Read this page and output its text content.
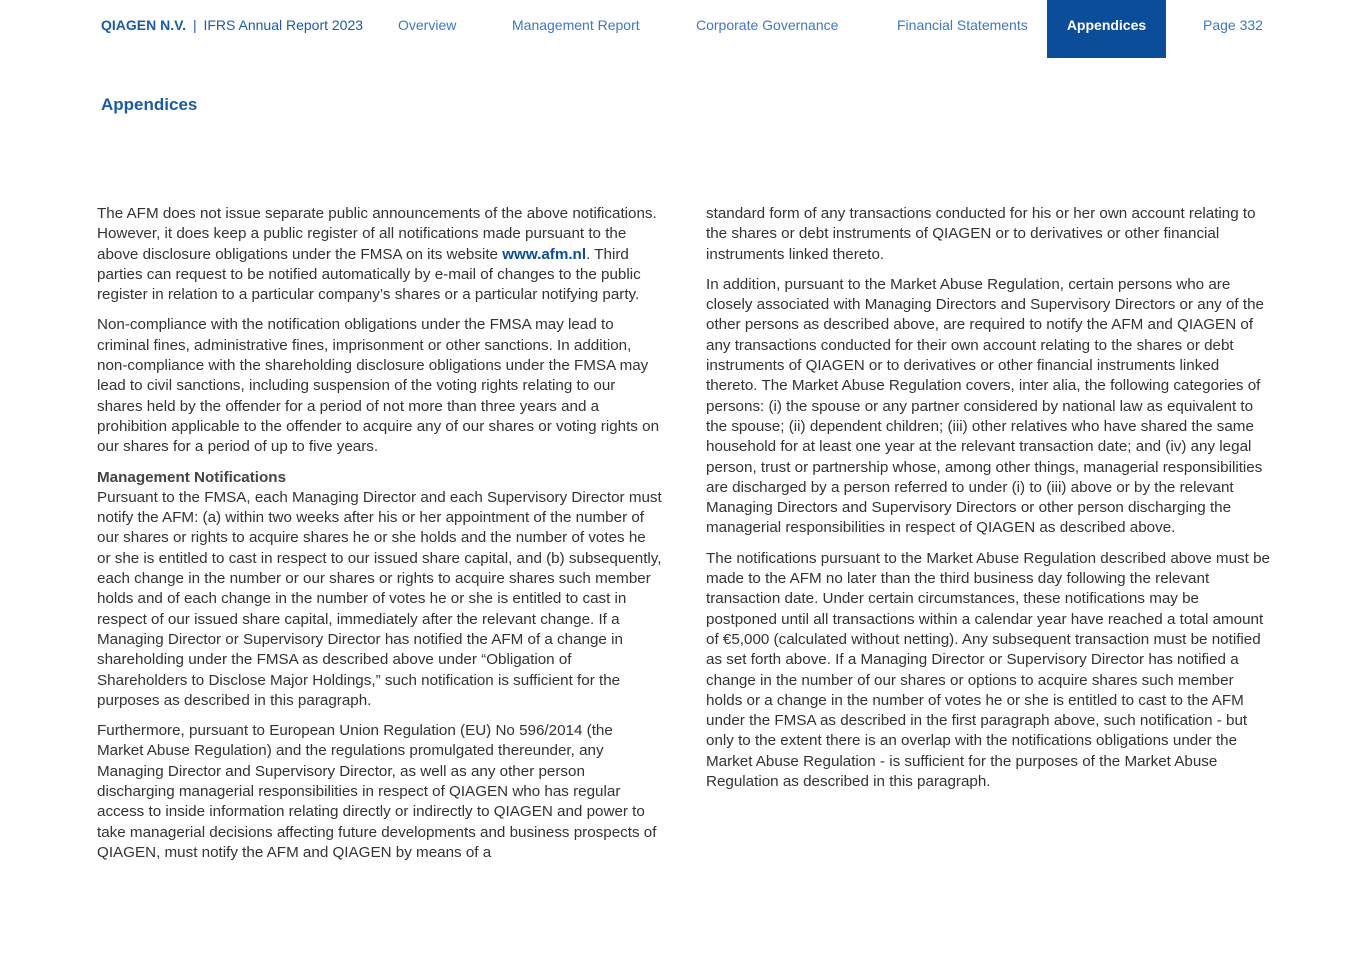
QIAGEN N.V. | IFRS Annual Report 2023 Overview	Management Report	Corporate Governance	Financial Statements	Appendices	Page 332
Appendices

The AFM does not issue separate public announcements of the above notifications. However, it does keep a public register of all notifications made pursuant to the above disclosure obligations under the FMSA on its website www.afm.nl. Third parties can request to be notified automatically by e-mail of changes to the public register in relation to a particular company’s shares or a particular notifying party.

Non-compliance with the notification obligations under the FMSA may lead to criminal fines, administrative fines, imprisonment or other sanctions. In addition, non-compliance with the shareholding disclosure obligations under the FMSA may lead to civil sanctions, including suspension of the voting rights relating to our shares held by the offender for a period of not more than three years and a prohibition applicable to the offender to acquire any of our shares or voting rights on our shares for a period of up to five years.

Management Notifications

Pursuant to the FMSA, each Managing Director and each Supervisory Director must notify the AFM: (a) within two weeks after his or her appointment of the number of our shares or rights to acquire shares he or she holds and the number of votes he or she is entitled to cast in respect to our issued share capital, and (b) subsequently, each change in the number or our shares or rights to acquire shares such member holds and of each change in the number of votes he or she is entitled to cast in respect of our issued share capital, immediately after the relevant change. If a Managing Director or Supervisory Director has notified the AFM of a change in shareholding under the FMSA as described above under “Obligation of Shareholders to Disclose Major Holdings,” such notification is sufficient for the purposes as described in this paragraph.

Furthermore, pursuant to European Union Regulation (EU) No 596/2014 (the Market Abuse Regulation) and the regulations promulgated thereunder, any Managing Director and Supervisory Director, as well as any other person discharging managerial responsibilities in respect of QIAGEN who has regular access to inside information relating directly or indirectly to QIAGEN and power to take managerial decisions affecting future developments and business prospects of QIAGEN, must notify the AFM and QIAGEN by means of a

standard form of any transactions conducted for his or her own account relating to the shares or debt instruments of QIAGEN or to derivatives or other financial instruments linked thereto.

In addition, pursuant to the Market Abuse Regulation, certain persons who are closely associated with Managing Directors and Supervisory Directors or any of the other persons as described above, are required to notify the AFM and QIAGEN of any transactions conducted for their own account relating to the shares or debt instruments of QIAGEN or to derivatives or other financial instruments linked thereto. The Market Abuse Regulation covers, inter alia, the following categories of persons: (i) the spouse or any partner considered by national law as equivalent to the spouse; (ii) dependent children; (iii) other relatives who have shared the same household for at least one year at the relevant transaction date; and (iv) any legal person, trust or partnership whose, among other things, managerial responsibilities are discharged by a person referred to under (i) to (iii) above or by the relevant Managing Directors and Supervisory Directors or other person discharging the managerial responsibilities in respect of QIAGEN as described above.

The notifications pursuant to the Market Abuse Regulation described above must be made to the AFM no later than the third business day following the relevant transaction date. Under certain circumstances, these notifications may be postponed until all transactions within a calendar year have reached a total amount of €5,000 (calculated without netting). Any subsequent transaction must be notified as set forth above. If a Managing Director or Supervisory Director has notified a change in the number of our shares or options to acquire shares such member holds or a change in the number of votes he or she is entitled to cast to the AFM under the FMSA as described in the first paragraph above, such notification - but only to the extent there is an overlap with the notifications obligations under the Market Abuse Regulation - is sufficient for the purposes of the Market Abuse Regulation as described in this paragraph.
